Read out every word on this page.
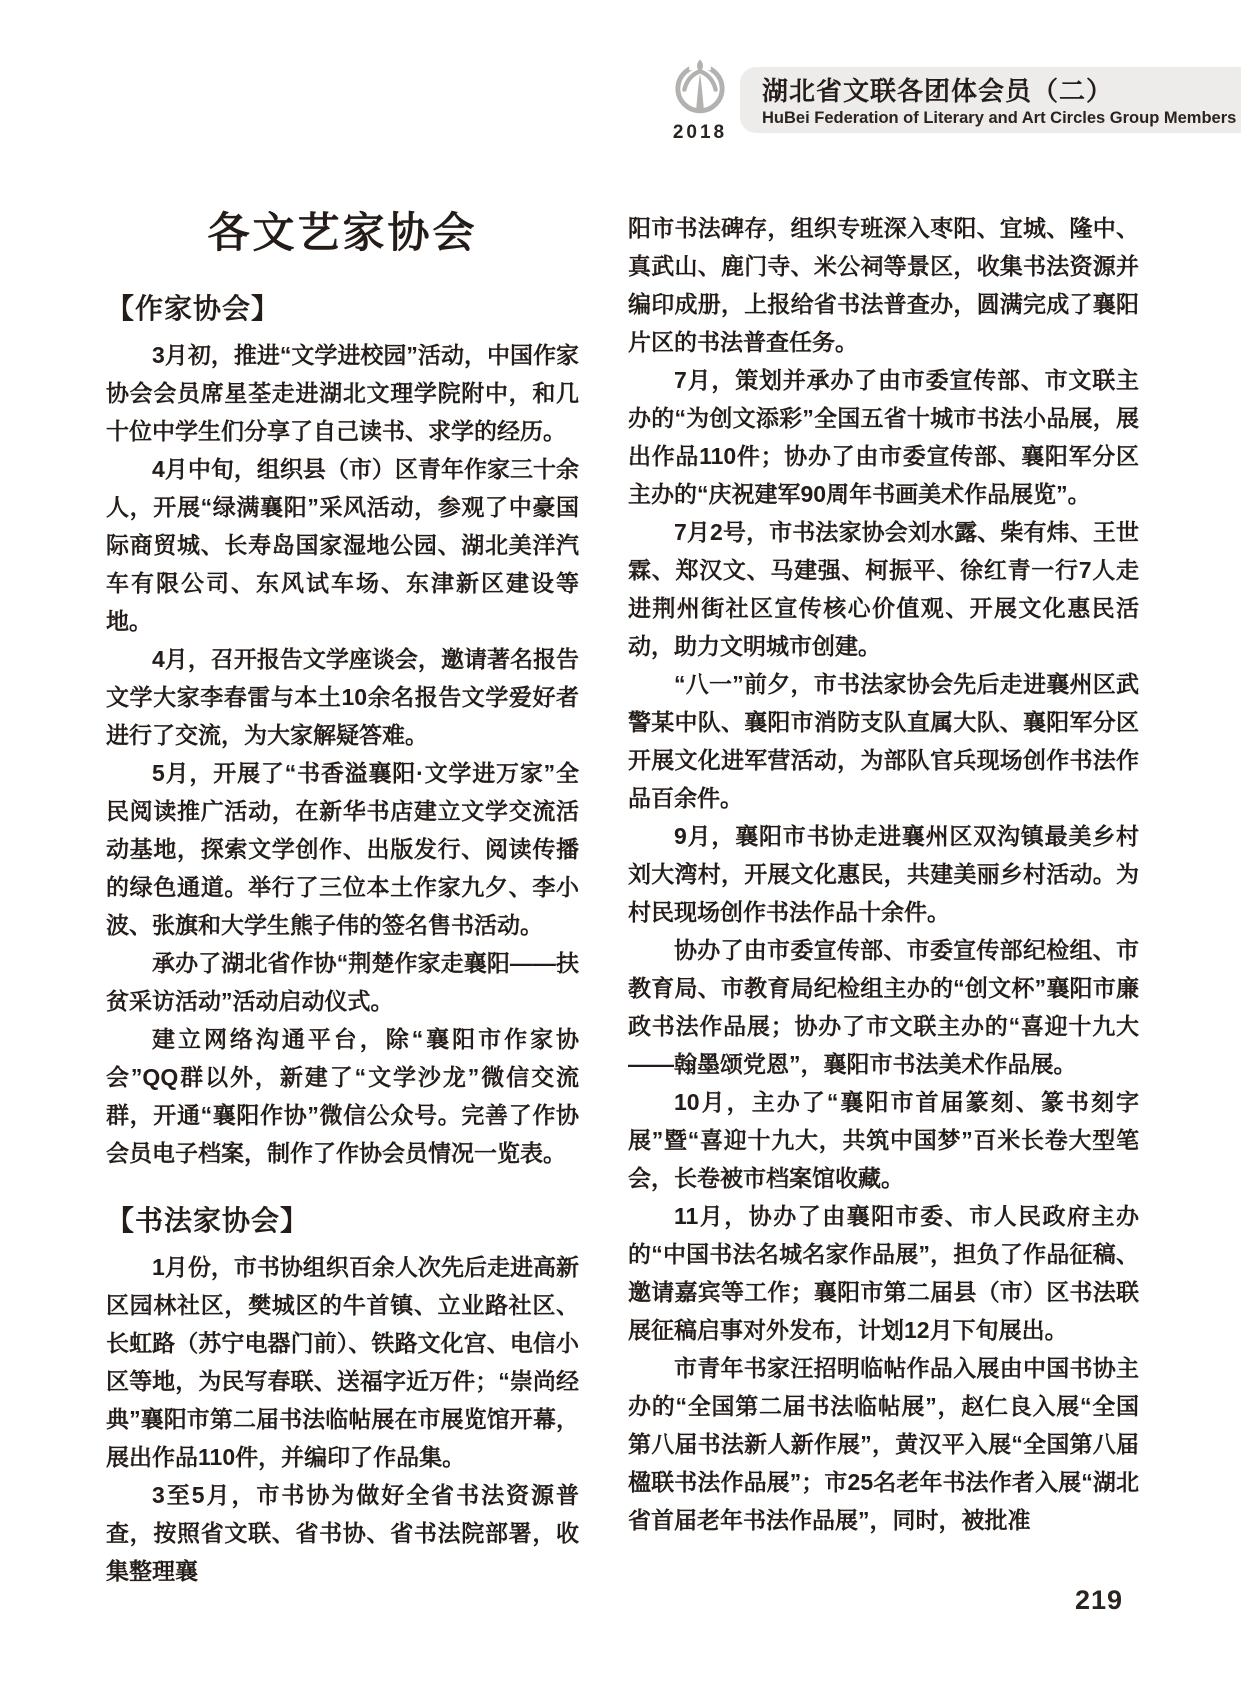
2018
湖北省文联各团体会员（二）
HuBei Federation of Literary and Art Circles Group Members
各文艺家协会
【作家协会】

3月初，推进“文学进校园”活动，中国作家协会会员席星荃走进湖北文理学院附中，和几十位中学生们分享了自己读书、求学的经历。

4月中旬，组织县（市）区青年作家三十余人，开展“绿满襄阳”采风活动，参观了中豪国际商贸城、长寿岛国家湿地公园、湖北美洋汽车有限公司、东风试车场、东津新区建设等地。

4月，召开报告文学座谈会，邀请著名报告文学大家李春雷与本土10余名报告文学爱好者进行了交流，为大家解疑答难。

5月，开展了“书香溢襄阳·文学进万家”全民阅读推广活动，在新华书店建立文学交流活动基地，探索文学创作、出版发行、阅读传播的绿色通道。举行了三位本土作家九夕、李小波、张旗和大学生熊子伟的签名售书活动。

承办了湖北省作协“荆楚作家走襄阳——扶贫采访活动”活动启动仪式。

建立网络沟通平台，除“襄阳市作家协会”QQ群以外，新建了“文学沙龙”微信交流群，开通“襄阳作协”微信公众号。完善了作协会员电子档案，制作了作协会员情况一览表。

【书法家协会】

1月份，市书协组织百余人次先后走进高新区园林社区，樊城区的牛首镇、立业路社区、长虹路（苏宁电器门前）、铁路文化宫、电信小区等地，为民写春联、送福字近万件；“崇尚经典”襄阳市第二届书法临帖展在市展览馆开幕，展出作品110件，并编印了作品集。

3至5月，市书协为做好全省书法资源普查，按照省文联、省书协、省书法院部署，收集整理襄

阳市书法碑存，组织专班深入枣阳、宜城、隆中、真武山、鹿门寺、米公祠等景区，收集书法资源并编印成册，上报给省书法普查办，圆满完成了襄阳片区的书法普查任务。

7月，策划并承办了由市委宣传部、市文联主办的“为创文添彩”全国五省十城市书法小品展，展出作品110件；协办了由市委宣传部、襄阳军分区主办的“庆祝建军90周年书画美术作品展览”。

7月2号，市书法家协会刘水露、柴有炜、王世霖、郑汉文、马建强、柯振平、徐红青一行7人走进荆州街社区宣传核心价值观、开展文化惠民活动，助力文明城市创建。

“八一”前夕，市书法家协会先后走进襄州区武警某中队、襄阳市消防支队直属大队、襄阳军分区开展文化进军营活动，为部队官兵现场创作书法作品百余件。

9月，襄阳市书协走进襄州区双沟镇最美乡村刘大湾村，开展文化惠民，共建美丽乡村活动。为村民现场创作书法作品十余件。

协办了由市委宣传部、市委宣传部纪检组、市教育局、市教育局纪检组主办的“创文杯”襄阳市廉政书法作品展；协办了市文联主办的“喜迎十九大——翰墨颂党恩”，襄阳市书法美术作品展。

10月，主办了“襄阳市首届篆刻、篆书刻字展”暨“喜迎十九大，共筑中国梦”百米长卷大型笔会，长卷被市档案馆收藏。

11月，协办了由襄阳市委、市人民政府主办的“中国书法名城名家作品展”，担负了作品征稿、邀请嘉宾等工作；襄阳市第二届县（市）区书法联展征稿启事对外发布，计划12月下旬展出。

市青年书家汪招明临帖作品入展由中国书协主办的“全国第二届书法临帖展”，赵仁良入展“全国第八届书法新人新作展”，黄汉平入展“全国第八届楹联书法作品展”；市25名老年书法作者入展“湖北省首届老年书法作品展”，同时，被批准

219
